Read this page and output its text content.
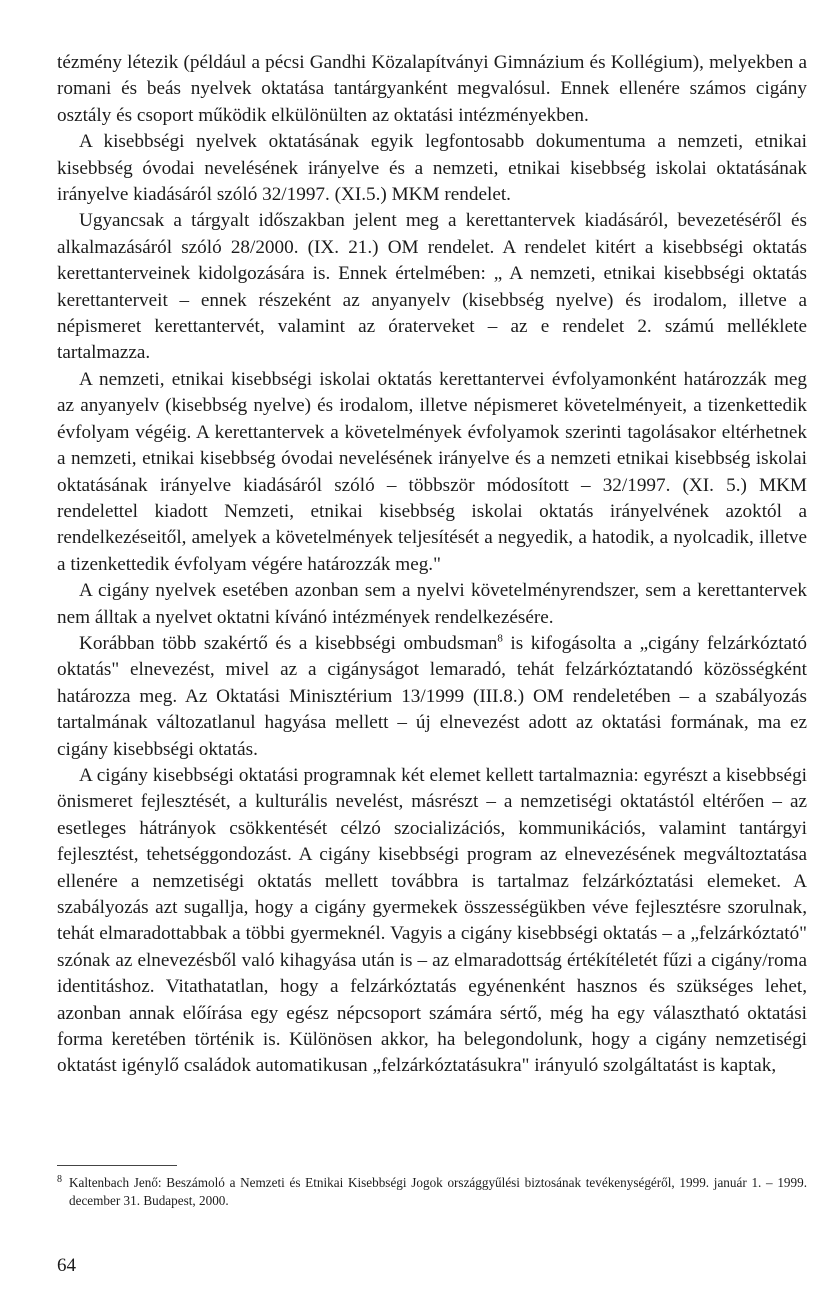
tézmény létezik (például a pécsi Gandhi Közalapítványi Gimnázium és Kollégium), melyekben a romani és beás nyelvek oktatása tantárgyanként megvalósul. Ennek ellenére számos cigány osztály és csoport működik elkülönülten az oktatási intézményekben.

A kisebbségi nyelvek oktatásának egyik legfontosabb dokumentuma a nemzeti, etnikai kisebbség óvodai nevelésének irányelve és a nemzeti, etnikai kisebbség iskolai oktatásának irányelve kiadásáról szóló 32/1997. (XI.5.) MKM rendelet.

Ugyancsak a tárgyalt időszakban jelent meg a kerettantervek kiadásáról, bevezetéséről és alkalmazásáról szóló 28/2000. (IX. 21.) OM rendelet. A rendelet kitért a kisebbségi oktatás kerettanterveinek kidolgozására is. Ennek értelmében: „ A nemzeti, etnikai kisebbségi oktatás kerettanterveit – ennek részeként az anyanyelv (kisebbség nyelve) és irodalom, illetve a népismeret kerettantervét, valamint az óraterveket – az e rendelet 2. számú melléklete tartalmazza.

A nemzeti, etnikai kisebbségi iskolai oktatás kerettantervei évfolyamonként határozzák meg az anyanyelv (kisebbség nyelve) és irodalom, illetve népismeret követelményeit, a tizenkettedik évfolyam végéig. A kerettantervek a követelmények évfolyamok szerinti tagolásakor eltérhetnek a nemzeti, etnikai kisebbség óvodai nevelésének irányelve és a nemzeti etnikai kisebbség iskolai oktatásának irányelve kiadásáról szóló – többször módosított – 32/1997. (XI. 5.) MKM rendelettel kiadott Nemzeti, etnikai kisebbség iskolai oktatás irányelvének azoktól a rendelkezéseitől, amelyek a követelmények teljesítését a negyedik, a hatodik, a nyolcadik, illetve a tizenkettedik évfolyam végére határozzák meg."

A cigány nyelvek esetében azonban sem a nyelvi követelményrendszer, sem a kerettantervek nem álltak a nyelvet oktatni kívánó intézmények rendelkezésére.

Korábban több szakértő és a kisebbségi ombudsman$^8$ is kifogásolta a „cigány felzárkóztató oktatás" elnevezést, mivel az a cigányságot lemaradó, tehát felzárkóztatandó közösségként határozza meg. Az Oktatási Minisztérium 13/1999 (III.8.) OM rendeletében – a szabályozás tartalmának változatlanul hagyása mellett – új elnevezést adott az oktatási formának, ma ez cigány kisebbségi oktatás.

A cigány kisebbségi oktatási programnak két elemet kellett tartalmaznia: egyrészt a kisebbségi önismeret fejlesztését, a kulturális nevelést, másrészt – a nemzetiségi oktatástól eltérően – az esetleges hátrányok csökkentését célzó szocializációs, kommunikációs, valamint tantárgyi fejlesztést, tehetséggondozást. A cigány kisebbségi program az elnevezésének megváltoztatása ellenére a nemzetiségi oktatás mellett továbbra is tartalmaz felzárkóztatási elemeket. A szabályozás azt sugallja, hogy a cigány gyermekek összességükben véve fejlesztésre szorulnak, tehát elmaradottabbak a többi gyermeknél. Vagyis a cigány kisebbségi oktatás – a „felzárkóztató" szónak az elnevezésből való kihagyása után is – az elmaradottság értékítéletét fűzi a cigány/roma identitáshoz. Vitathatatlan, hogy a felzárkóztatás egyénenként hasznos és szükséges lehet, azonban annak előírása egy egész népcsoport számára sértő, még ha egy választható oktatási forma keretében történik is. Különösen akkor, ha belegondolunk, hogy a cigány nemzetiségi oktatást igénylő családok automatikusan „felzárkóztatásukra" irányuló szolgáltatást is kaptak,

8 Kaltenbach Jenő: Beszámoló a Nemzeti és Etnikai Kisebbségi Jogok országgyűlési biztosának tevékenységéről, 1999. január 1. – 1999. december 31. Budapest, 2000.

64
